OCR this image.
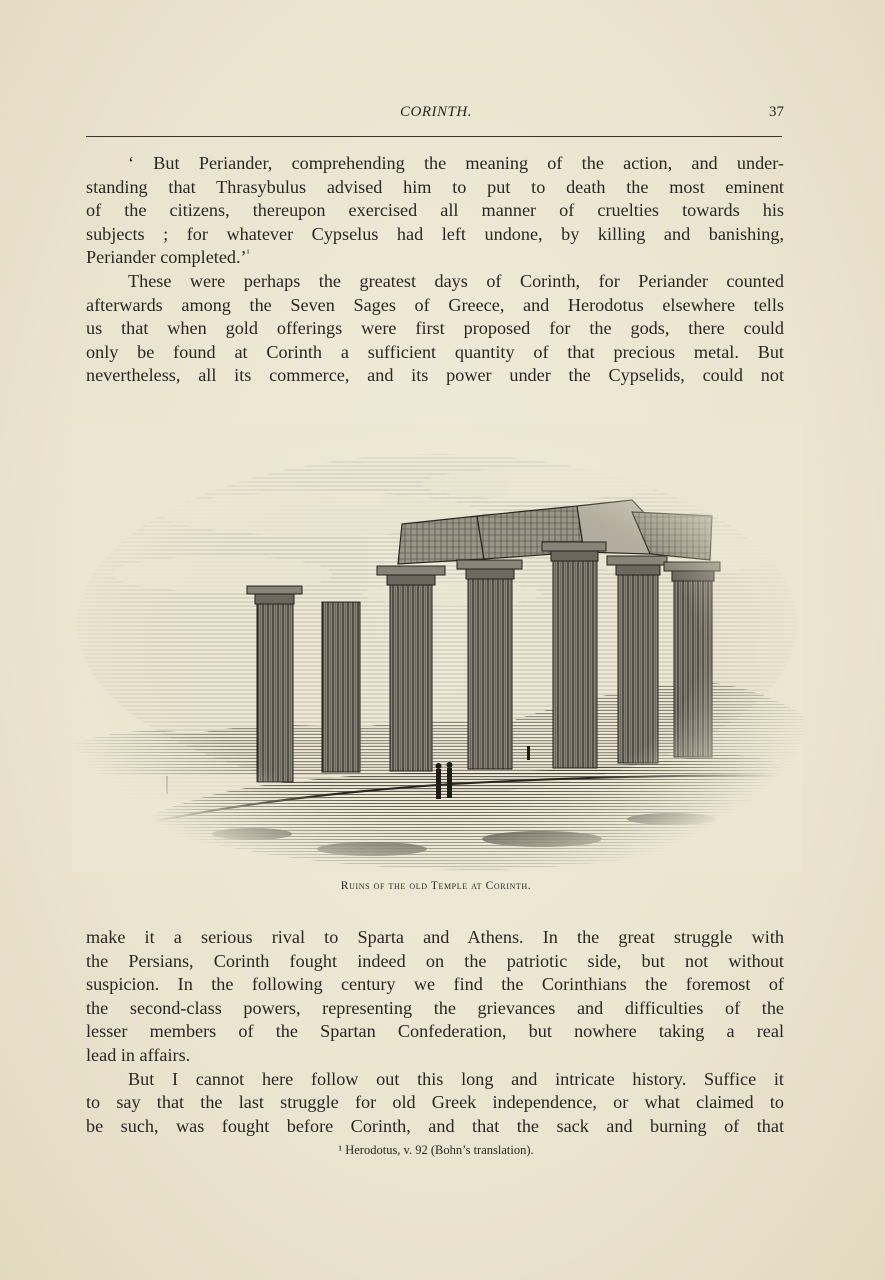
CORINTH.	37
‘ But Periander, comprehending the meaning of the action, and under-
standing that Thrasybulus advised him to put to death the most eminent
of the citizens, thereupon exercised all manner of cruelties towards his
subjects ; for whatever Cypselus had left undone, by killing and banishing,
Periander completed.’$^{^1}$
These were perhaps the greatest days of Corinth, for Periander counted
afterwards among the Seven Sages of Greece, and Herodotus elsewhere tells
us that when gold offerings were first proposed for the gods, there could
only be found at Corinth a sufficient quantity of that precious metal. But
nevertheless, all its commerce, and its power under the Cypselids, could not
Ruins of the old Temple at Corinth.
make it a serious rival to Sparta and Athens. In the great struggle with
the Persians, Corinth fought indeed on the patriotic side, but not without
suspicion. In the following century we find the Corinthians the foremost of
the second-class powers, representing the grievances and difficulties of the
lesser members of the Spartan Confederation, but nowhere taking a real
lead in affairs.
But I cannot here follow out this long and intricate history. Suffice it
to say that the last struggle for old Greek independence, or what claimed to
be such, was fought before Corinth, and that the sack and burning of that
¹ Herodotus, v. 92 (Bohn’s translation).
